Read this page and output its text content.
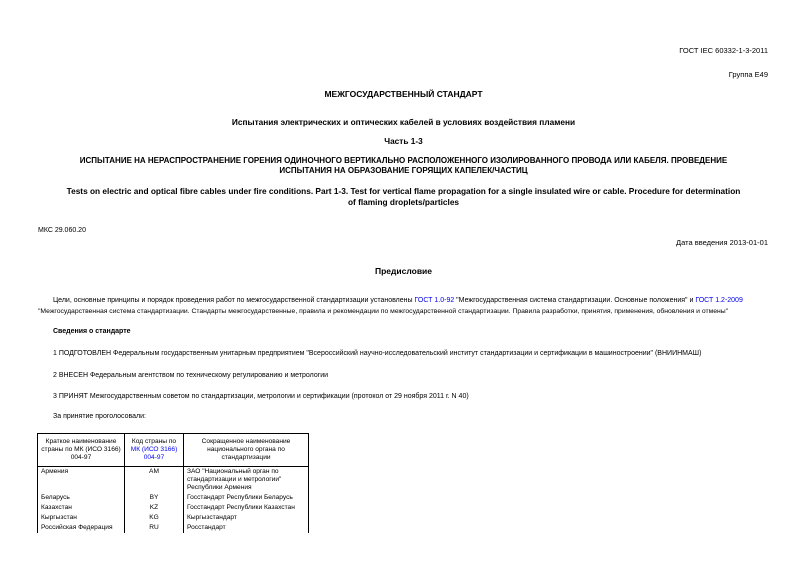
ГОСТ IEC 60332-1-3-2011
Группа Е49
МЕЖГОСУДАРСТВЕННЫЙ СТАНДАРТ
Испытания электрических и оптических кабелей в условиях воздействия пламени
Часть 1-3
ИСПЫТАНИЕ НА НЕРАСПРОСТРАНЕНИЕ ГОРЕНИЯ ОДИНОЧНОГО ВЕРТИКАЛЬНО РАСПОЛОЖЕННОГО ИЗОЛИРОВАННОГО ПРОВОДА ИЛИ КАБЕЛЯ. ПРОВЕДЕНИЕ
ИСПЫТАНИЯ НА ОБРАЗОВАНИЕ ГОРЯЩИХ КАПЕЛЕК/ЧАСТИЦ
Tests on electric and optical fibre cables under fire conditions. Part 1-3. Test for vertical flame propagation for a single insulated wire or cable. Procedure for determination
of flaming droplets/particles
МКС 29.060.20
Дата введения 2013-01-01
Предисловие
Цели, основные принципы и порядок проведения работ по межгосударственной стандартизации установлены ГОСТ 1.0-92 "Межгосударственная система стандартизации. Основные положения" и ГОСТ 1.2-2009
"Межгосударственная система стандартизации. Стандарты межгосударственные, правила и рекомендации по межгосударственной стандартизации. Правила разработки, принятия, применения, обновления и отмены"
Сведения о стандарте
1 ПОДГОТОВЛЕН Федеральным государственным унитарным предприятием "Всероссийский научно-исследовательский институт стандартизации и сертификации в машиностроении" (ВНИИНМАШ)
2 ВНЕСЕН Федеральным агентством по техническому регулированию и метрологии
3 ПРИНЯТ Межгосударственным советом по стандартизации, метрологии и сертификации (протокол от 29 ноября 2011 г. N 40)
За принятие проголосовали:
Краткое наименование страны по МК (ИСО 3166) 004-97	Код страны по МК (ИСО 3166) 004-97	Сокращенное наименование национального органа по стандартизации
Армения	AM	ЗАО "Национальный орган по стандартизации и метрологии" Республики Армения
Беларусь	BY	Госстандарт Республики Беларусь
Казахстан	KZ	Госстандарт Республики Казахстан
Кыргызстан	KG	Кыргызстандарт
Российская Федерация	RU	Росстандарт
